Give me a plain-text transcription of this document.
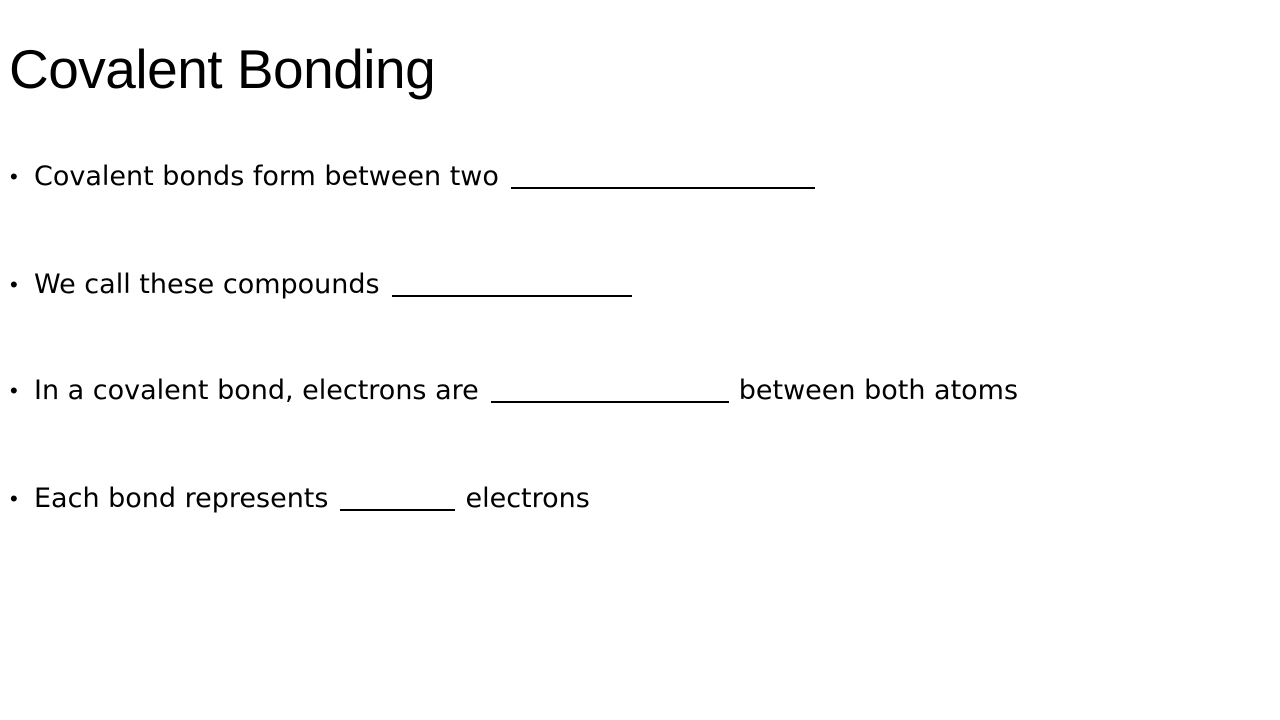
Covalent Bonding
• Covalent bonds form between two
• We call these compounds
• In a covalent bond, electrons are	between both atoms
• Each bond represents	electrons
